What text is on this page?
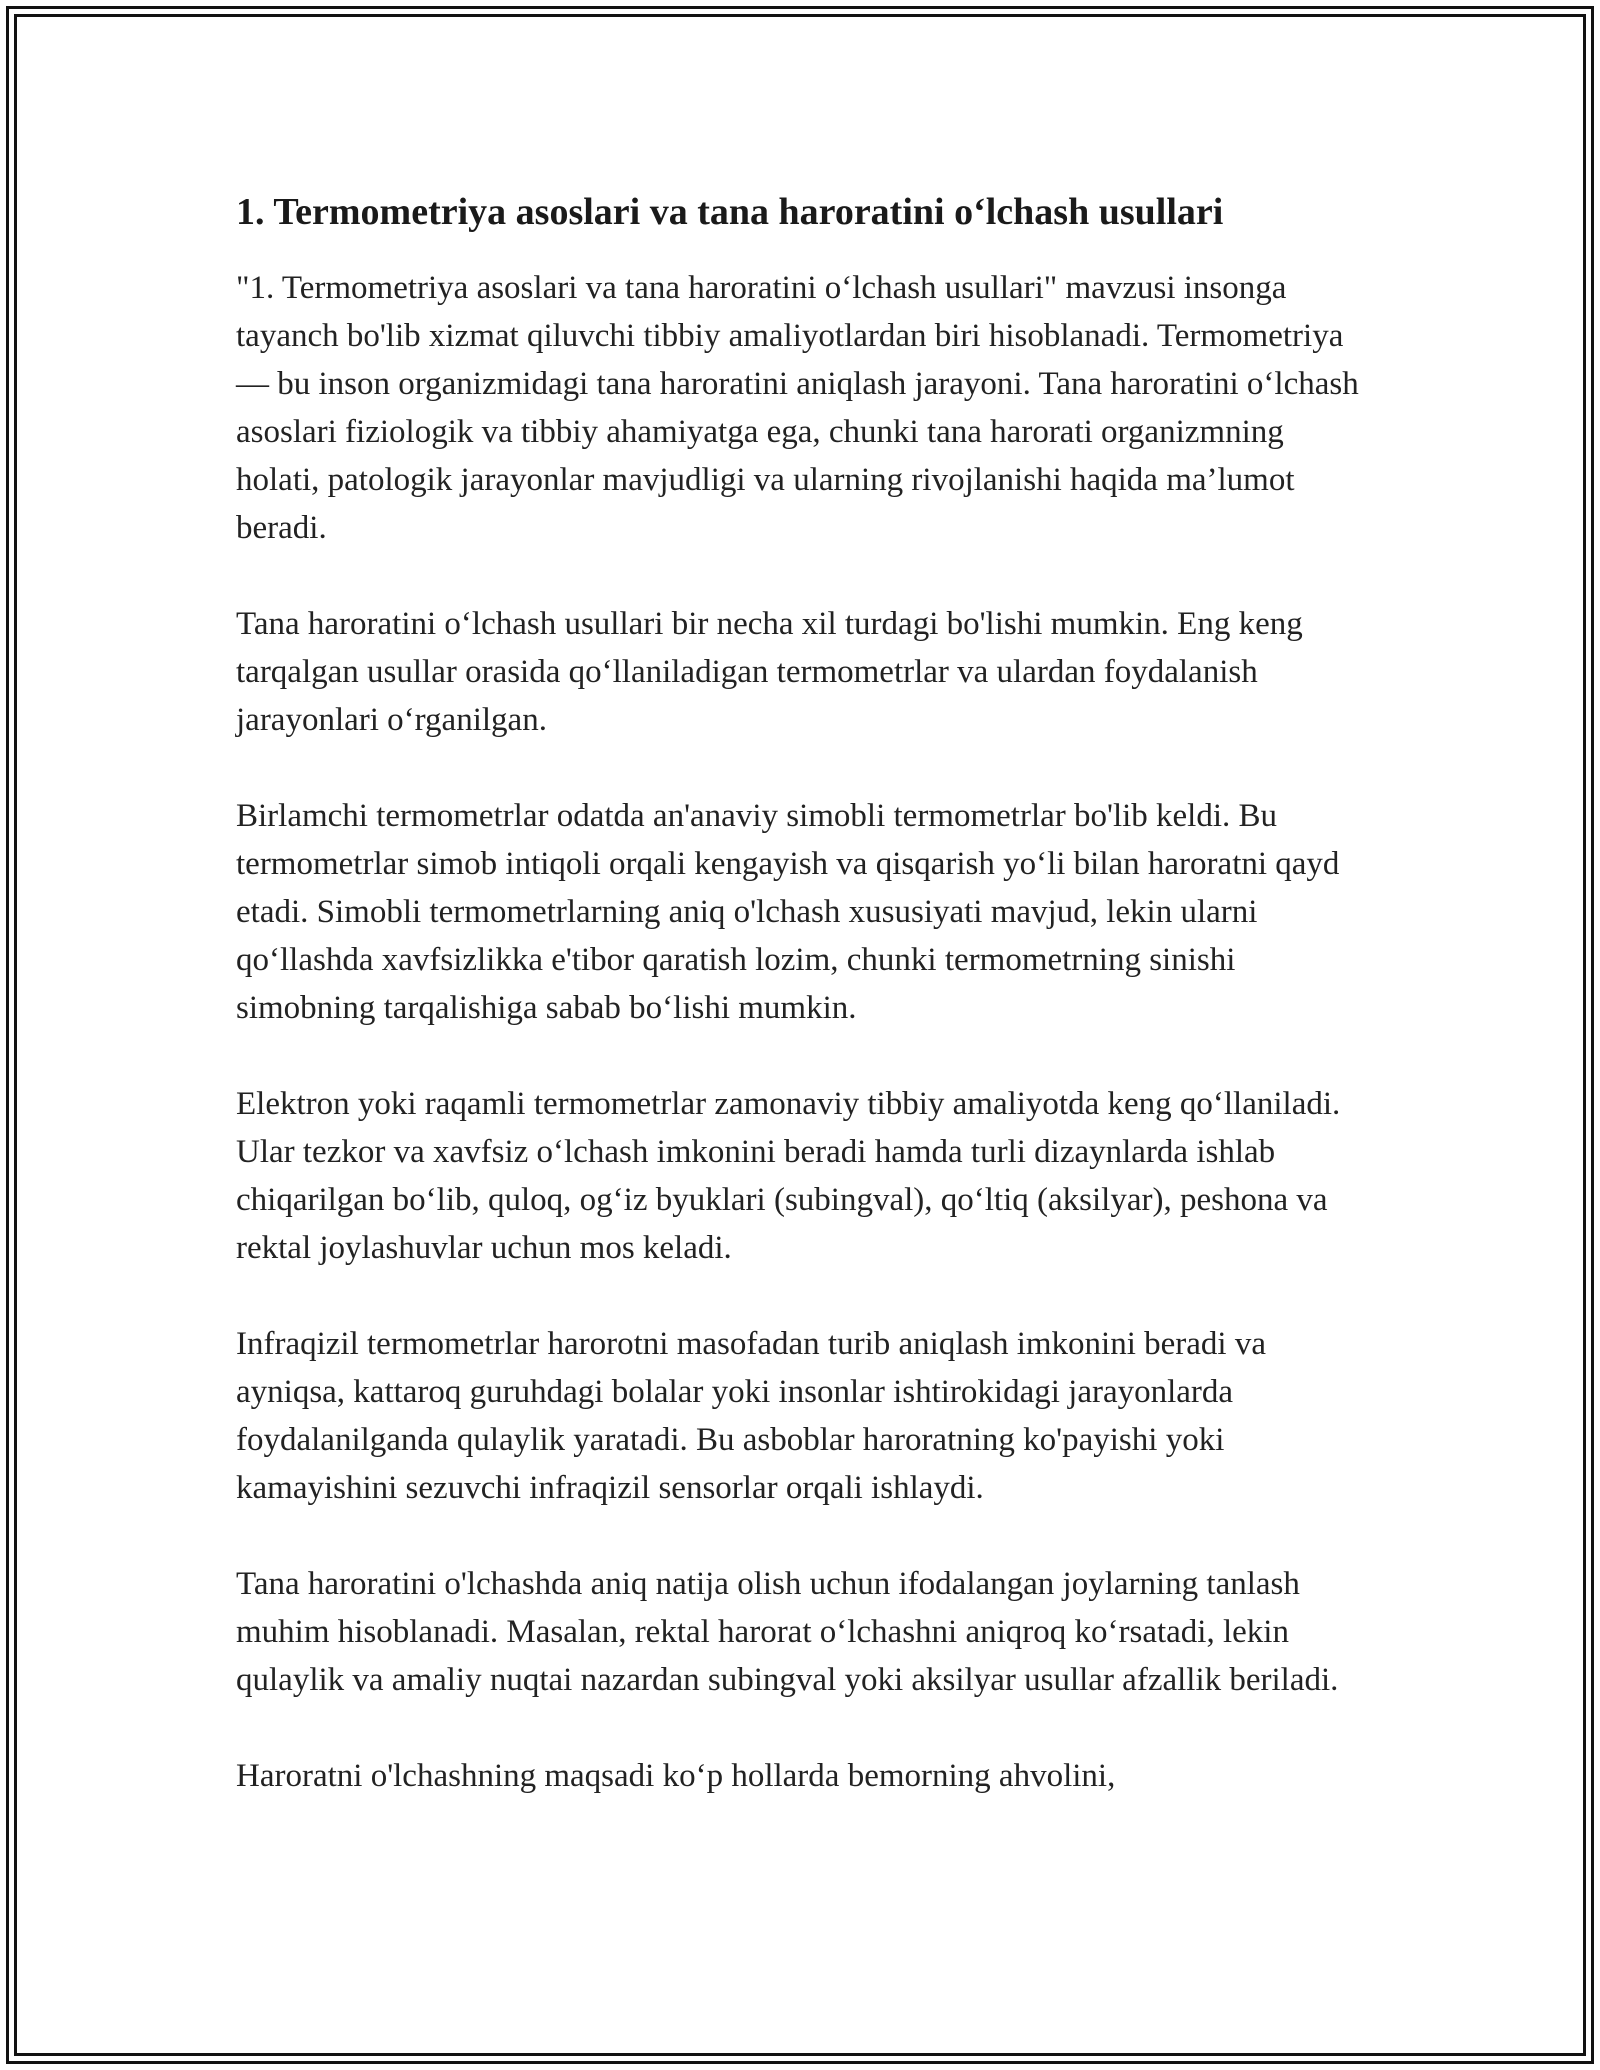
1. Termometriya asoslari va tana haroratini o‘lchash usullari

"1. Termometriya asoslari va tana haroratini o‘lchash usullari" mavzusi insonga tayanch bo'lib xizmat qiluvchi tibbiy amaliyotlardan biri hisoblanadi. Termometriya — bu inson organizmidagi tana haroratini aniqlash jarayoni. Tana haroratini o‘lchash asoslari fiziologik va tibbiy ahamiyatga ega, chunki tana harorati organizmning holati, patologik jarayonlar mavjudligi va ularning rivojlanishi haqida ma’lumot beradi.

Tana haroratini o‘lchash usullari bir necha xil turdagi bo'lishi mumkin. Eng keng tarqalgan usullar orasida qo‘llaniladigan termometrlar va ulardan foydalanish jarayonlari o‘rganilgan.

Birlamchi termometrlar odatda an'anaviy simobli termometrlar bo'lib keldi. Bu termometrlar simob intiqoli orqali kengayish va qisqarish yo‘li bilan haroratni qayd etadi. Simobli termometrlarning aniq o'lchash xususiyati mavjud, lekin ularni qo‘llashda xavfsizlikka e'tibor qaratish lozim, chunki termometrning sinishi simobning tarqalishiga sabab bo‘lishi mumkin.

Elektron yoki raqamli termometrlar zamonaviy tibbiy amaliyotda keng qo‘llaniladi. Ular tezkor va xavfsiz o‘lchash imkonini beradi hamda turli dizaynlarda ishlab chiqarilgan bo‘lib, quloq, og‘iz byuklari (subingval), qo‘ltiq (aksilyar), peshona va rektal joylashuvlar uchun mos keladi.

Infraqizil termometrlar harorotni masofadan turib aniqlash imkonini beradi va ayniqsa, kattaroq guruhdagi bolalar yoki insonlar ishtirokidagi jarayonlarda foydalanilganda qulaylik yaratadi. Bu asboblar haroratning ko'payishi yoki kamayishini sezuvchi infraqizil sensorlar orqali ishlaydi.

Tana haroratini o'lchashda aniq natija olish uchun ifodalangan joylarning tanlash muhim hisoblanadi. Masalan, rektal harorat o‘lchashni aniqroq ko‘rsatadi, lekin qulaylik va amaliy nuqtai nazardan subingval yoki aksilyar usullar afzallik beriladi.

Haroratni o'lchashning maqsadi ko‘p hollarda bemorning ahvolini,
